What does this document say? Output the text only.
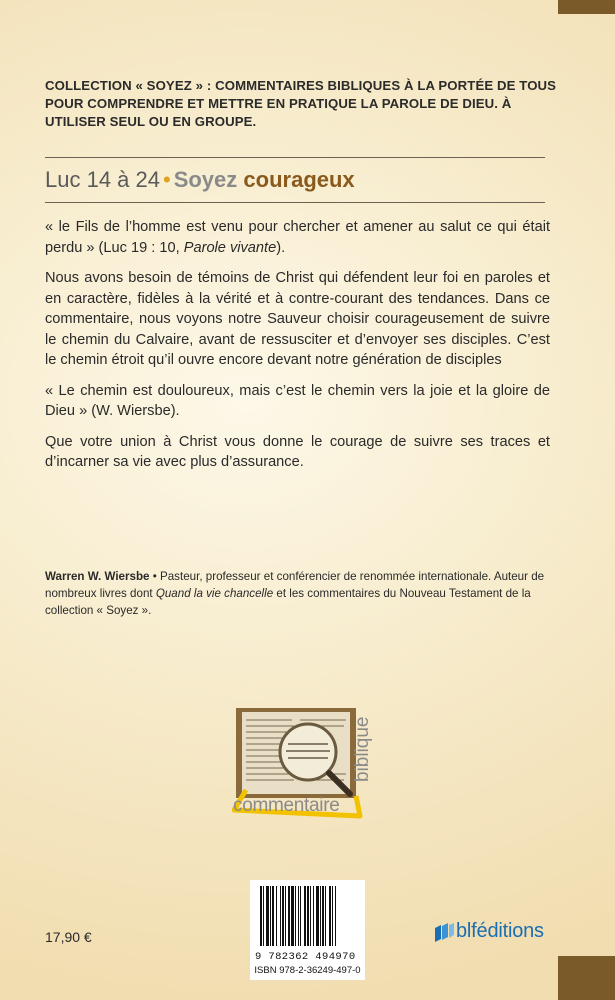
COLLECTION « SOYEZ » : COMMENTAIRES BIBLIQUES À LA PORTÉE DE TOUS POUR COMPRENDRE ET METTRE EN PRATIQUE LA PAROLE DE DIEU. À UTILISER SEUL OU EN GROUPE.
Luc 14 à 24 • Soyez courageux

« le Fils de l’homme est venu pour chercher et amener au salut ce qui était perdu » (Luc 19 : 10, Parole vivante).

Nous avons besoin de témoins de Christ qui défendent leur foi en paroles et en caractère, fidèles à la vérité et à contre-courant des tendances. Dans ce commentaire, nous voyons notre Sauveur choisir courageusement de suivre le chemin du Calvaire, avant de ressusciter et d’envoyer ses disciples. C’est le chemin étroit qu’il ouvre encore devant notre génération de disciples

« Le chemin est douloureux, mais c’est le chemin vers la joie et la gloire de Dieu » (W. Wiersbe).

Que votre union à Christ vous donne le courage de suivre ses traces et d’incarner sa vie avec plus d’assurance.

Warren W. Wiersbe • Pasteur, professeur et conférencier de renommée internationale. Auteur de nombreux livres dont Quand la vie chancelle et les commentaires du Nouveau Testament de la collection « Soyez ».
commentaire
biblique
17,90 €
9 782362 494970
ISBN 978-2-36249-497-0
blféditions
